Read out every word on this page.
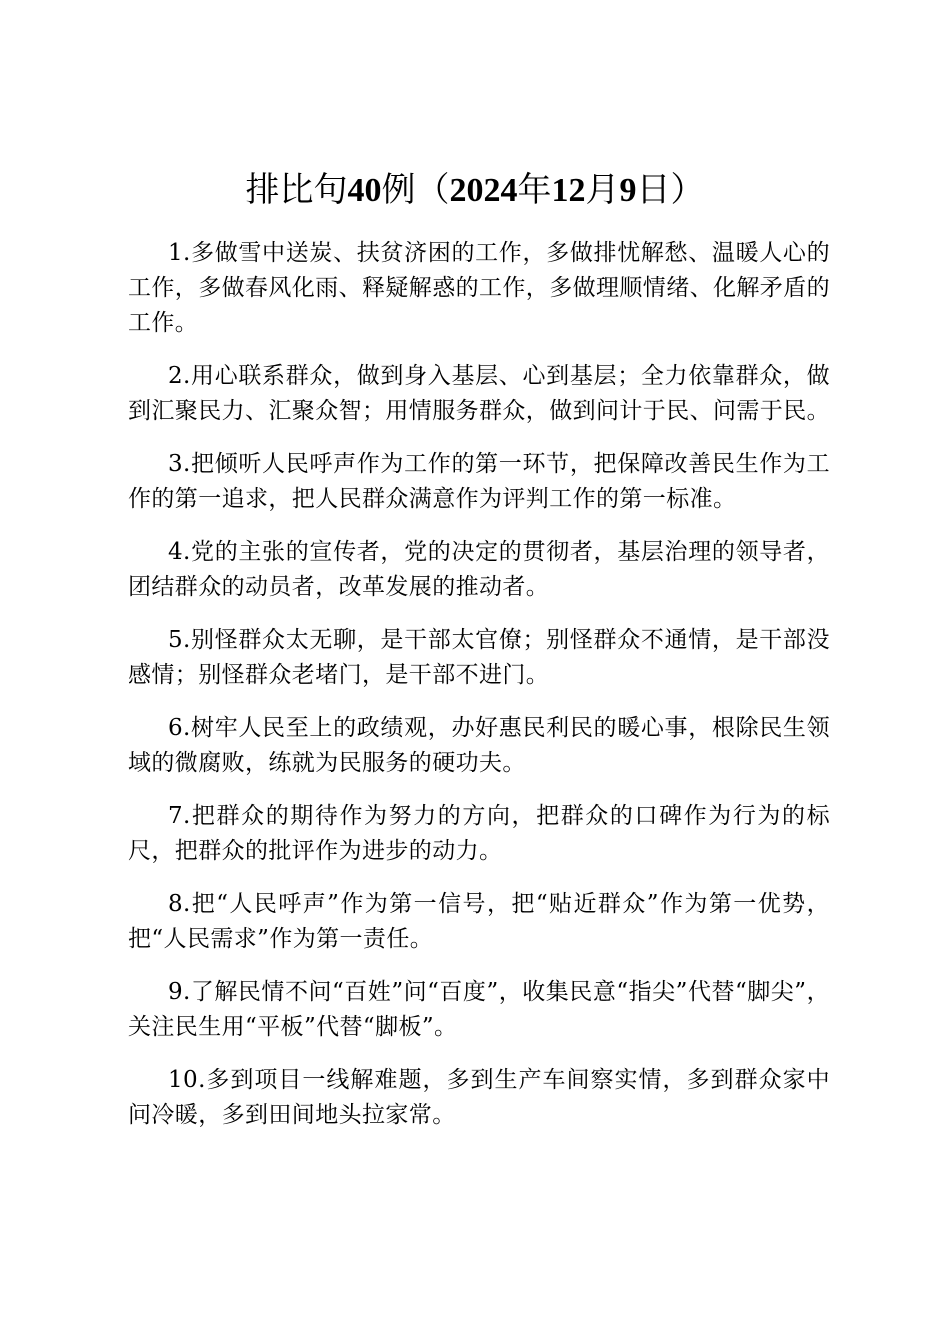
排比句40例（2024年12月9日）

1.多做雪中送炭、扶贫济困的工作，多做排忧解愁、温暖人心的工作，多做春风化雨、释疑解惑的工作，多做理顺情绪、化解矛盾的工作。

2.用心联系群众，做到身入基层、心到基层；全力依靠群众，做到汇聚民力、汇聚众智；用情服务群众，做到问计于民、问需于民。

3.把倾听人民呼声作为工作的第一环节，把保障改善民生作为工作的第一追求，把人民群众满意作为评判工作的第一标准。

4.党的主张的宣传者，党的决定的贯彻者，基层治理的领导者，团结群众的动员者，改革发展的推动者。

5.别怪群众太无聊，是干部太官僚；别怪群众不通情，是干部没感情；别怪群众老堵门，是干部不进门。

6.树牢人民至上的政绩观，办好惠民利民的暖心事，根除民生领域的微腐败，练就为民服务的硬功夫。

7.把群众的期待作为努力的方向，把群众的口碑作为行为的标尺，把群众的批评作为进步的动力。

8.把“人民呼声”作为第一信号，把“贴近群众”作为第一优势，把“人民需求”作为第一责任。

9.了解民情不问“百姓”问“百度”，收集民意“指尖”代替“脚尖”，关注民生用“平板”代替“脚板”。

10.多到项目一线解难题，多到生产车间察实情，多到群众家中问冷暖，多到田间地头拉家常。
